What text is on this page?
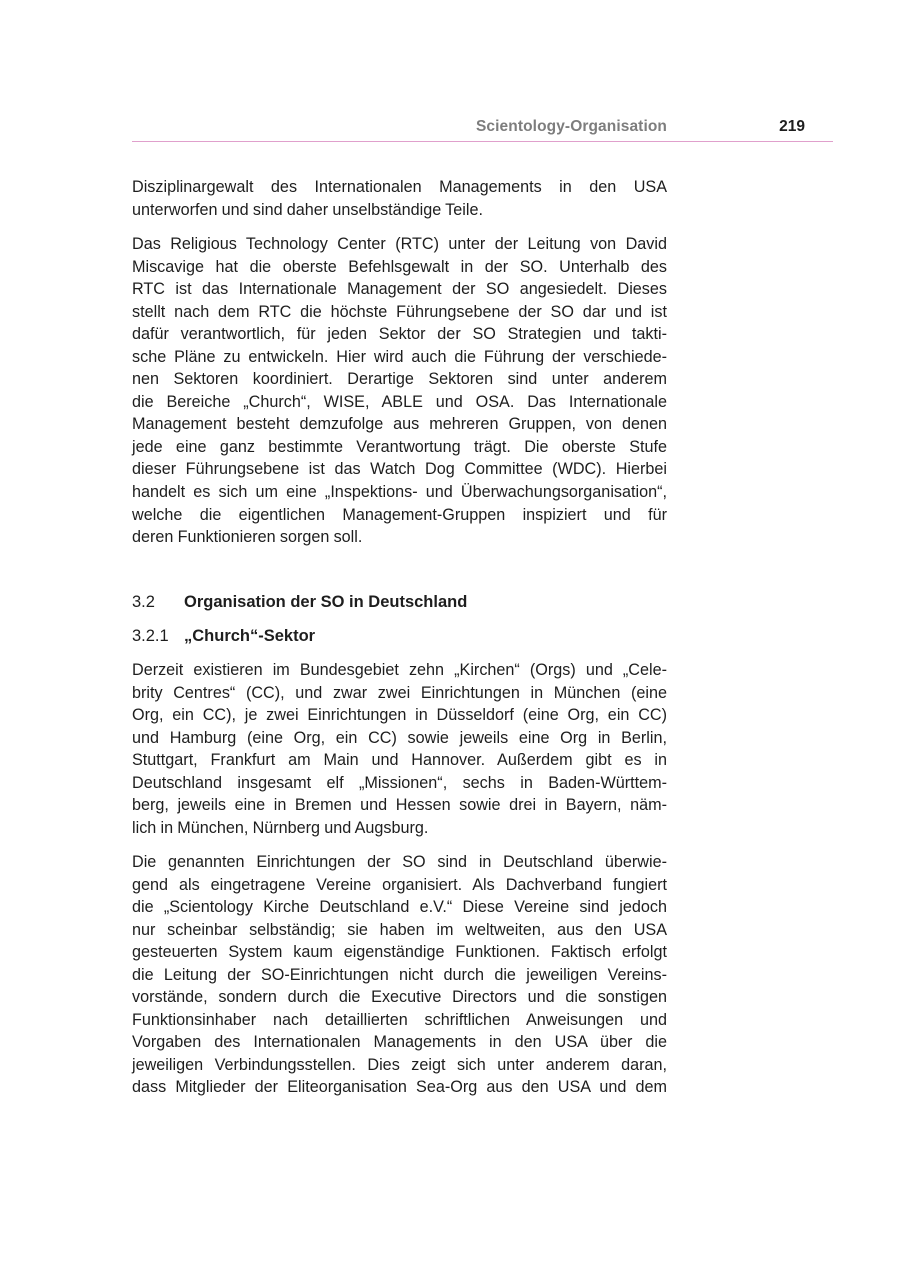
Scientology-Organisation	219

Disziplinargewalt des Internationalen Managements in den USA
unterworfen und sind daher unselbständige Teile.

Das Religious Technology Center (RTC) unter der Leitung von David
Miscavige hat die oberste Befehlsgewalt in der SO. Unterhalb des
RTC ist das Internationale Management der SO angesiedelt. Dieses
stellt nach dem RTC die höchste Führungsebene der SO dar und ist
dafür verantwortlich, für jeden Sektor der SO Strategien und takti-
sche Pläne zu entwickeln. Hier wird auch die Führung der verschiede-
nen Sektoren koordiniert. Derartige Sektoren sind unter anderem
die Bereiche „Church“, WISE, ABLE und OSA. Das Internationale
Management besteht demzufolge aus mehreren Gruppen, von denen
jede eine ganz bestimmte Verantwortung trägt. Die oberste Stufe
dieser Führungsebene ist das Watch Dog Committee (WDC). Hierbei
handelt es sich um eine „Inspektions- und Überwachungsorganisation“,
welche die eigentlichen Management-Gruppen inspiziert und für
deren Funktionieren sorgen soll.

3.2 Organisation der SO in Deutschland
3.2.1 „Church“-Sektor

Derzeit existieren im Bundesgebiet zehn „Kirchen“ (Orgs) und „Cele-
brity Centres“ (CC), und zwar zwei Einrichtungen in München (eine
Org, ein CC), je zwei Einrichtungen in Düsseldorf (eine Org, ein CC)
und Hamburg (eine Org, ein CC) sowie jeweils eine Org in Berlin,
Stuttgart, Frankfurt am Main und Hannover. Außerdem gibt es in
Deutschland insgesamt elf „Missionen“, sechs in Baden-Württem-
berg, jeweils eine in Bremen und Hessen sowie drei in Bayern, näm-
lich in München, Nürnberg und Augsburg.

Die genannten Einrichtungen der SO sind in Deutschland überwie-
gend als eingetragene Vereine organisiert. Als Dachverband fungiert
die „Scientology Kirche Deutschland e.V.“ Diese Vereine sind jedoch
nur scheinbar selbständig; sie haben im weltweiten, aus den USA
gesteuerten System kaum eigenständige Funktionen. Faktisch erfolgt
die Leitung der SO-Einrichtungen nicht durch die jeweiligen Vereins-
vorstände, sondern durch die Executive Directors und die sonstigen
Funktionsinhaber nach detaillierten schriftlichen Anweisungen und
Vorgaben des Internationalen Managements in den USA über die
jeweiligen Verbindungsstellen. Dies zeigt sich unter anderem daran,
dass Mitglieder der Eliteorganisation Sea-Org aus den USA und dem
